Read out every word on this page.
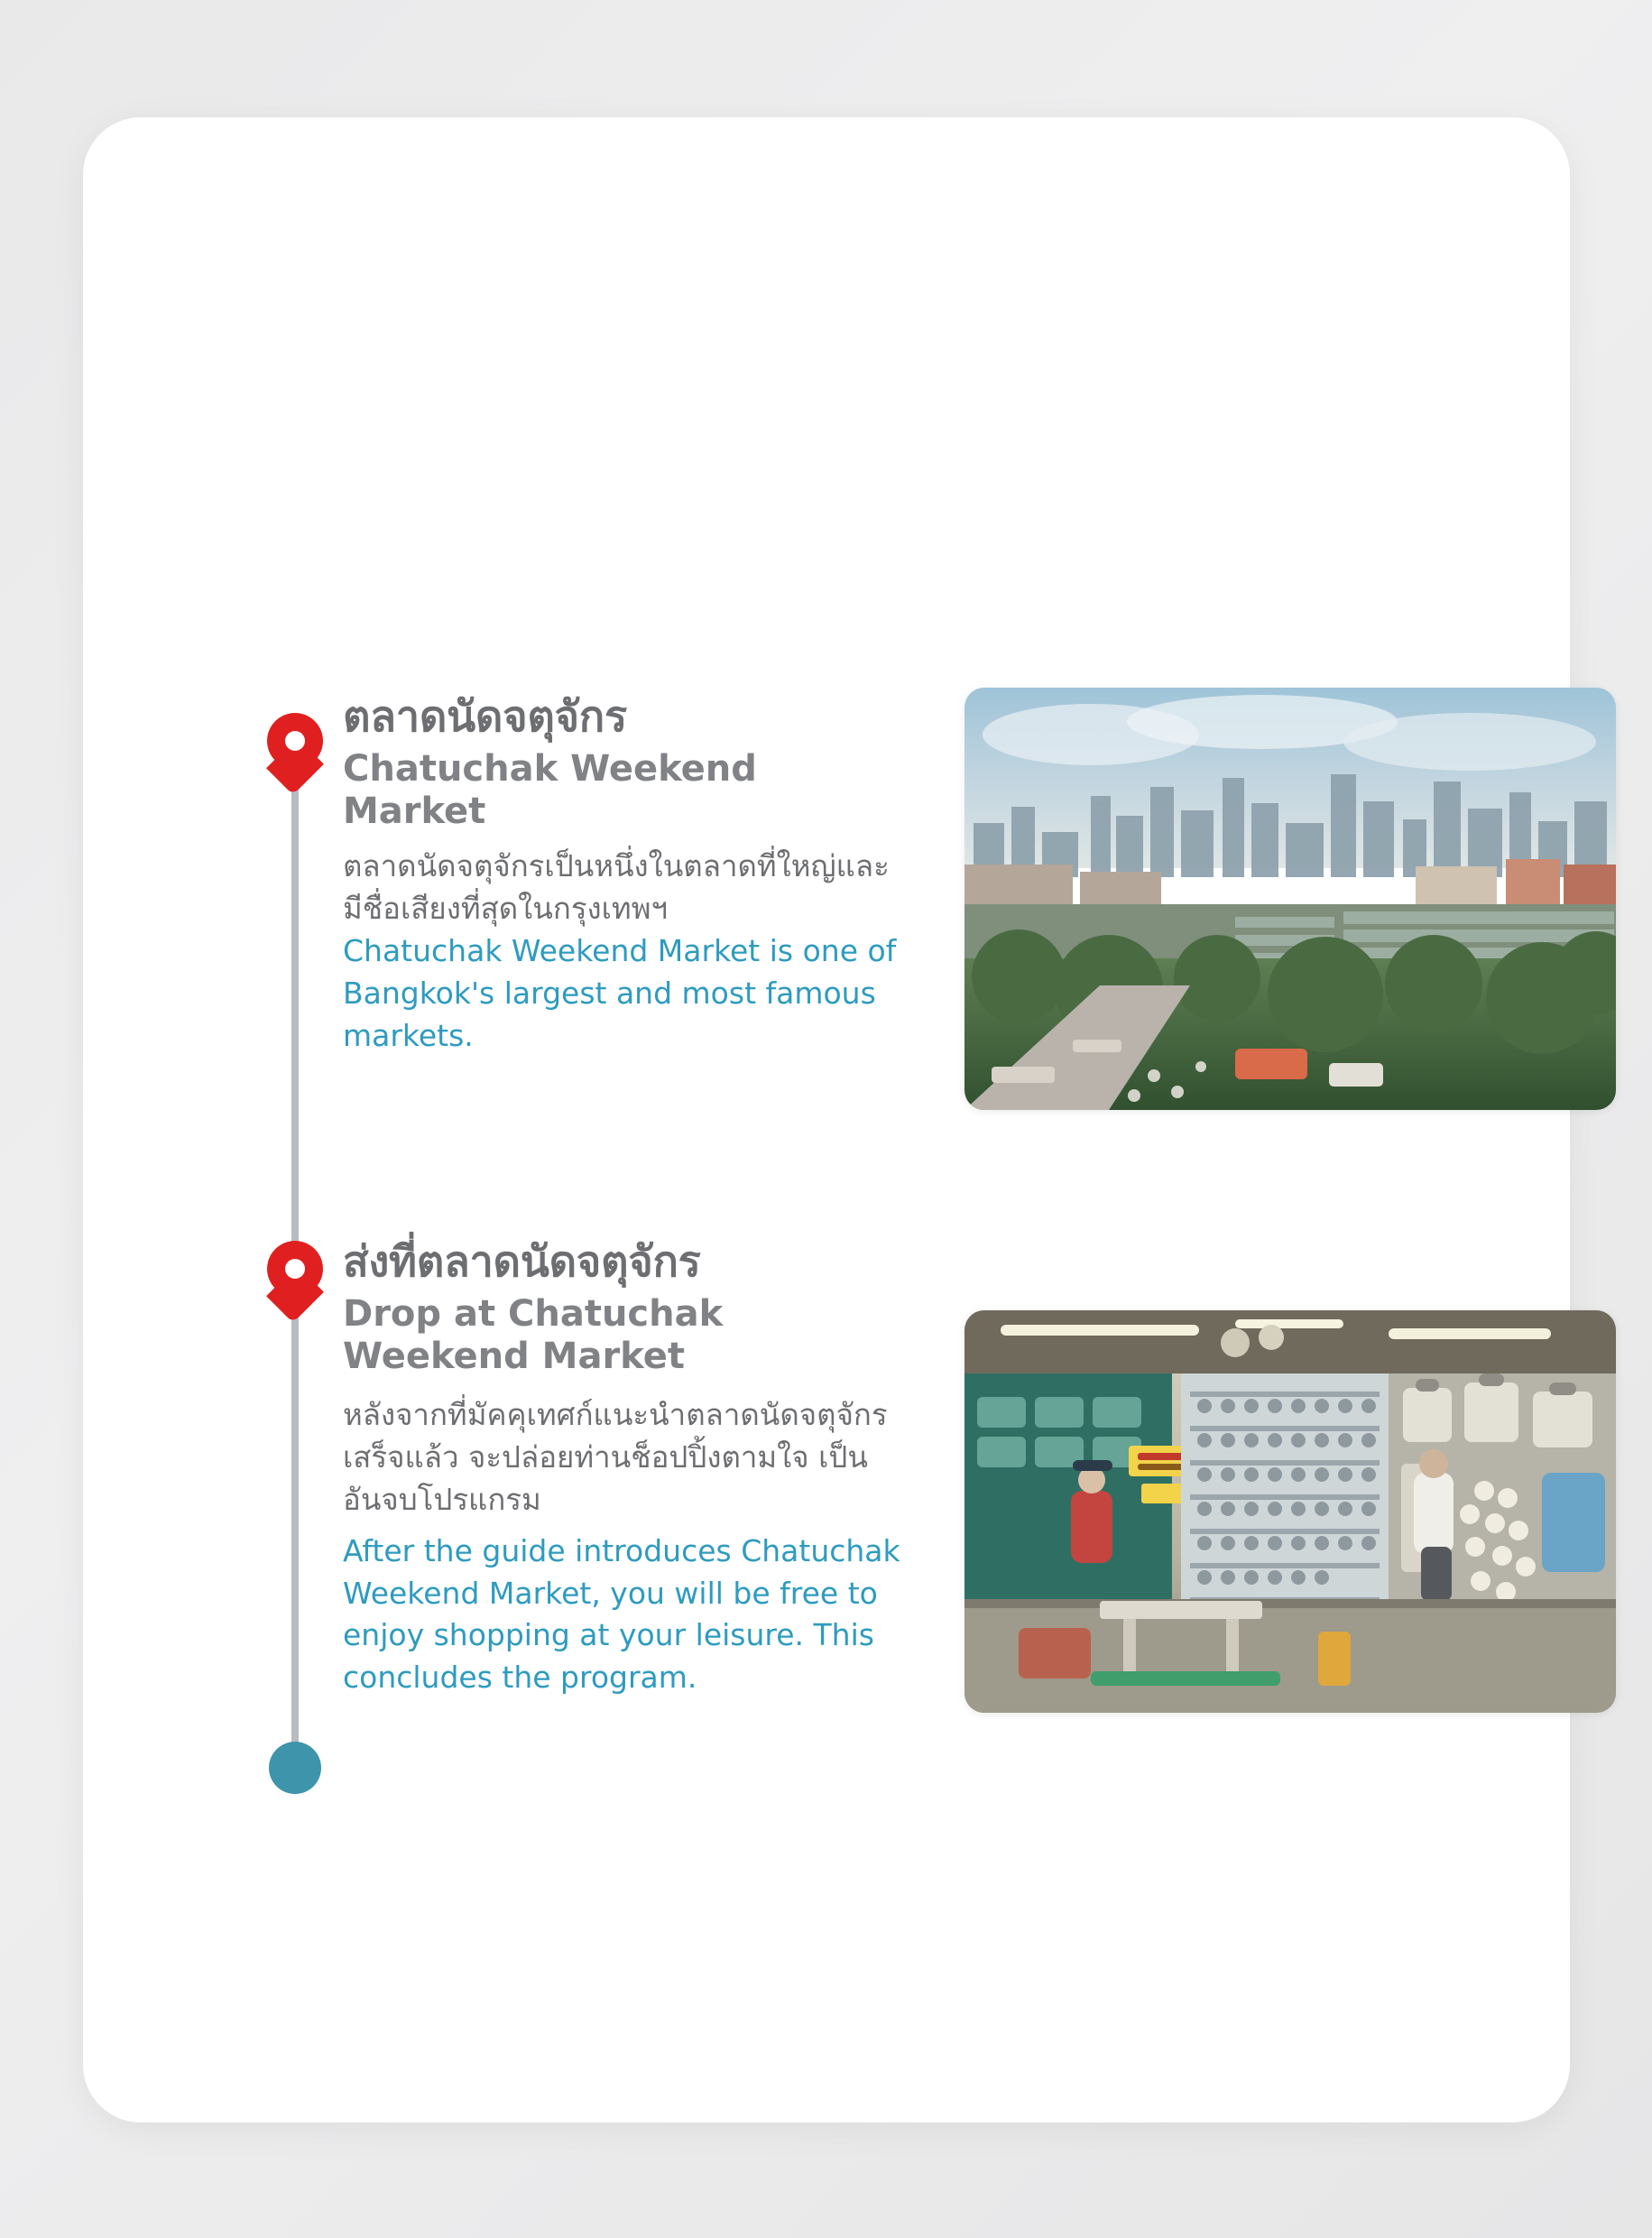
ตลาดนัดจตุจักร
Chatuchak Weekend Market

ตลาดนัดจตุจักรเป็นหนึ่งในตลาดที่ใหญ่และมีชื่อเสียงที่สุดในกรุงเทพฯ

Chatuchak Weekend Market is one of Bangkok's largest and most famous markets.

ส่งที่ตลาดนัดจตุจักร
Drop at Chatuchak Weekend Market

หลังจากที่มัคคุเทศก์แนะนำตลาดนัดจตุจักรเสร็จแล้ว จะปล่อยท่านช็อปปิ้งตามใจ เป็นอันจบโปรแกรม

After the guide introduces Chatuchak Weekend Market, you will be free to enjoy shopping at your leisure. This concludes the program.
